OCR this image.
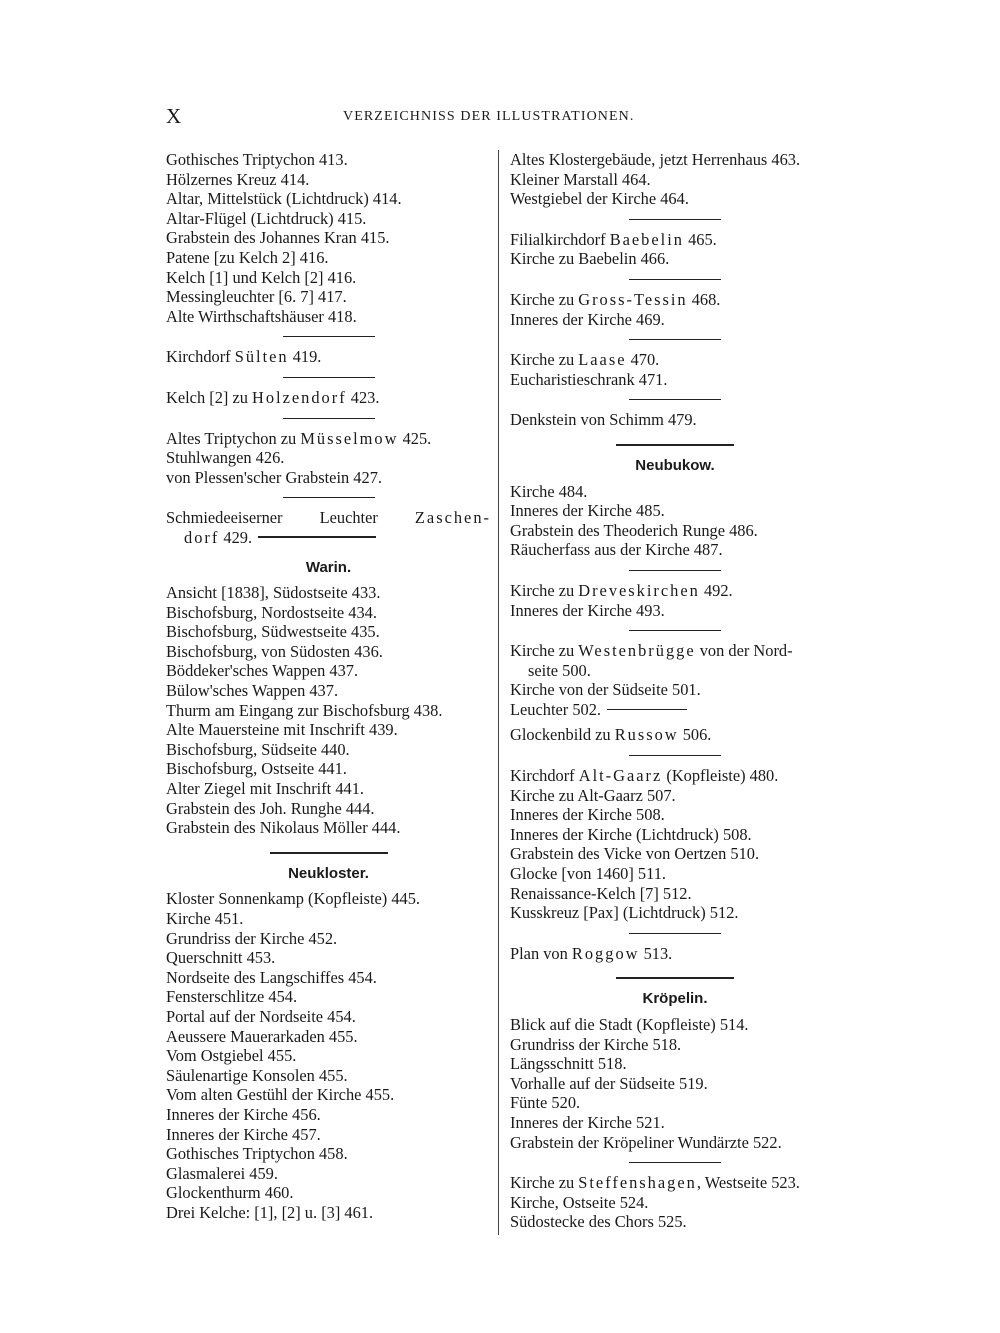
X	VERZEICHNISS DER ILLUSTRATIONEN.
Gothisches Triptychon 413.
Hölzernes Kreuz 414.
Altar, Mittelstück (Lichtdruck) 414.
Altar-Flügel (Lichtdruck) 415.
Grabstein des Johannes Kran 415.
Patene [zu Kelch 2] 416.
Kelch [1] und Kelch [2] 416.
Messingleuchter [6. 7] 417.
Alte Wirthschaftshäuser 418.
Kirchdorf Sülten 419.
Kelch [2] zu Holzendorf 423.
Altes Triptychon zu Müsselmow 425.
Stuhlwangen 426.
von Plessen'scher Grabstein 427.
Schmiedeeiserner Leuchter Zaschen-
dorf 429.
Warin.
Ansicht [1838], Südostseite 433.
Bischofsburg, Nordostseite 434.
Bischofsburg, Südwestseite 435.
Bischofsburg, von Südosten 436.
Böddeker'sches Wappen 437.
Bülow'sches Wappen 437.
Thurm am Eingang zur Bischofsburg 438.
Alte Mauersteine mit Inschrift 439.
Bischofsburg, Südseite 440.
Bischofsburg, Ostseite 441.
Alter Ziegel mit Inschrift 441.
Grabstein des Joh. Runghe 444.
Grabstein des Nikolaus Möller 444.
Neukloster.
Kloster Sonnenkamp (Kopfleiste) 445.
Kirche 451.
Grundriss der Kirche 452.
Querschnitt 453.
Nordseite des Langschiffes 454.
Fensterschlitze 454.
Portal auf der Nordseite 454.
Aeussere Mauerarkaden 455.
Vom Ostgiebel 455.
Säulenartige Konsolen 455.
Vom alten Gestühl der Kirche 455.
Inneres der Kirche 456.
Inneres der Kirche 457.
Gothisches Triptychon 458.
Glasmalerei 459.
Glockenthurm 460.
Drei Kelche: [1], [2] u. [3] 461.
Altes Klostergebäude, jetzt Herrenhaus 463.
Kleiner Marstall 464.
Westgiebel der Kirche 464.
Filialkirchdorf Baebelin 465.
Kirche zu Baebelin 466.
Kirche zu Gross-Tessin 468.
Inneres der Kirche 469.
Kirche zu Laase 470.
Eucharistieschrank 471.
Denkstein von Schimm 479.
Neubukow.
Kirche 484.
Inneres der Kirche 485.
Grabstein des Theoderich Runge 486.
Räucherfass aus der Kirche 487.
Kirche zu Dreveskirchen 492.
Inneres der Kirche 493.
Kirche zu Westenbrügge von der Nord-
seite 500.
Kirche von der Südseite 501.
Leuchter 502.
Glockenbild zu Russow 506.
Kirchdorf Alt-Gaarz (Kopfleiste) 480.
Kirche zu Alt-Gaarz 507.
Inneres der Kirche 508.
Inneres der Kirche (Lichtdruck) 508.
Grabstein des Vicke von Oertzen 510.
Glocke [von 1460] 511.
Renaissance-Kelch [7] 512.
Kusskreuz [Pax] (Lichtdruck) 512.
Plan von Roggow 513.
Kröpelin.
Blick auf die Stadt (Kopfleiste) 514.
Grundriss der Kirche 518.
Längsschnitt 518.
Vorhalle auf der Südseite 519.
Fünte 520.
Inneres der Kirche 521.
Grabstein der Kröpeliner Wundärzte 522.
Kirche zu Steffenshagen, Westseite 523.
Kirche, Ostseite 524.
Südostecke des Chors 525.
